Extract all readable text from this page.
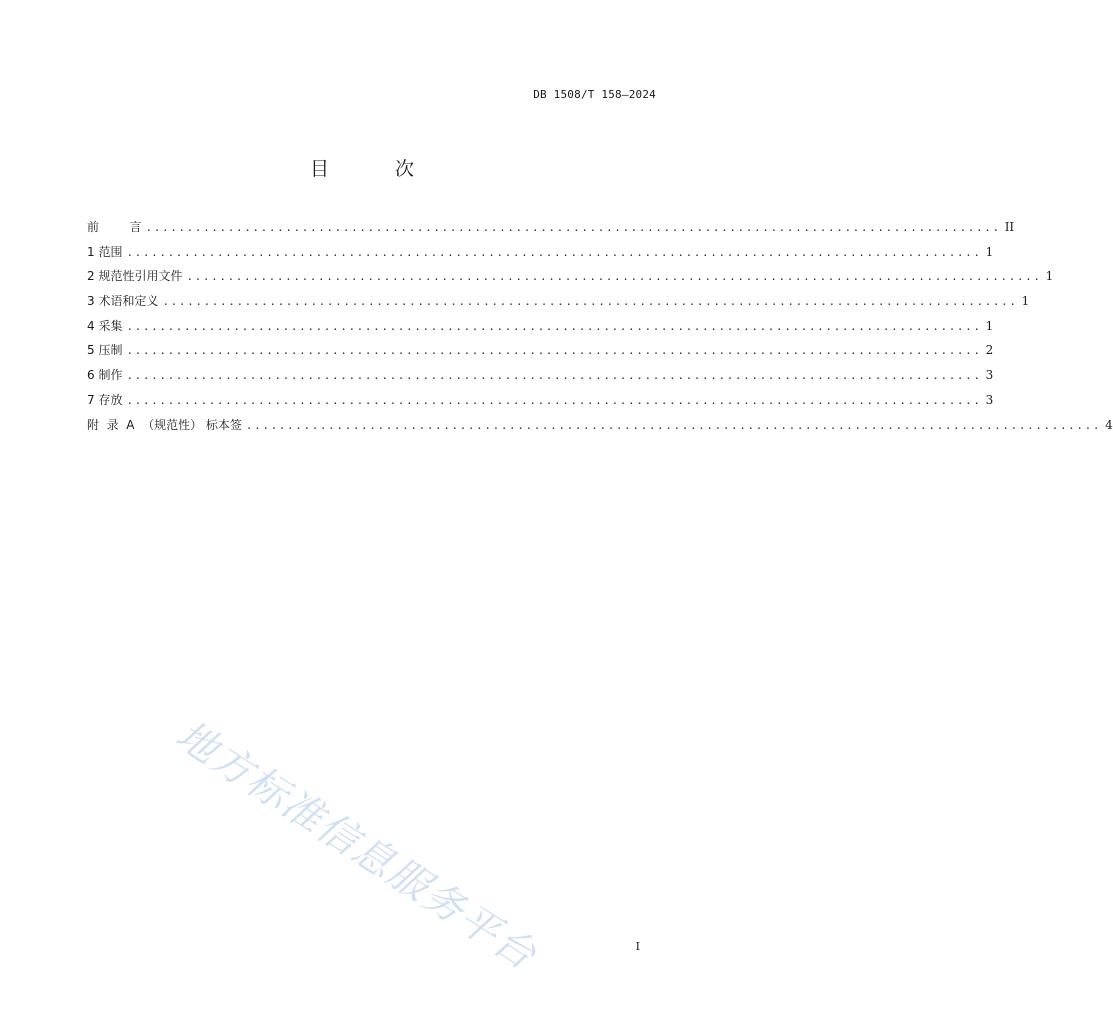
DB 1508/T 158—2024
目 次
前        言 ........................................................................................................ II
1 范围 ........................................................................................................ 1
2 规范性引用文件 ........................................................................................................ 1
3 术语和定义 ........................................................................................................ 1
4 采集 ........................................................................................................ 1
5 压制 ........................................................................................................ 2
6 制作 ........................................................................................................ 3
7 存放 ........................................................................................................ 3
附  录  A  （规范性） 标本签 ........................................................................................................ 4
地方标准信息服务平台	I
